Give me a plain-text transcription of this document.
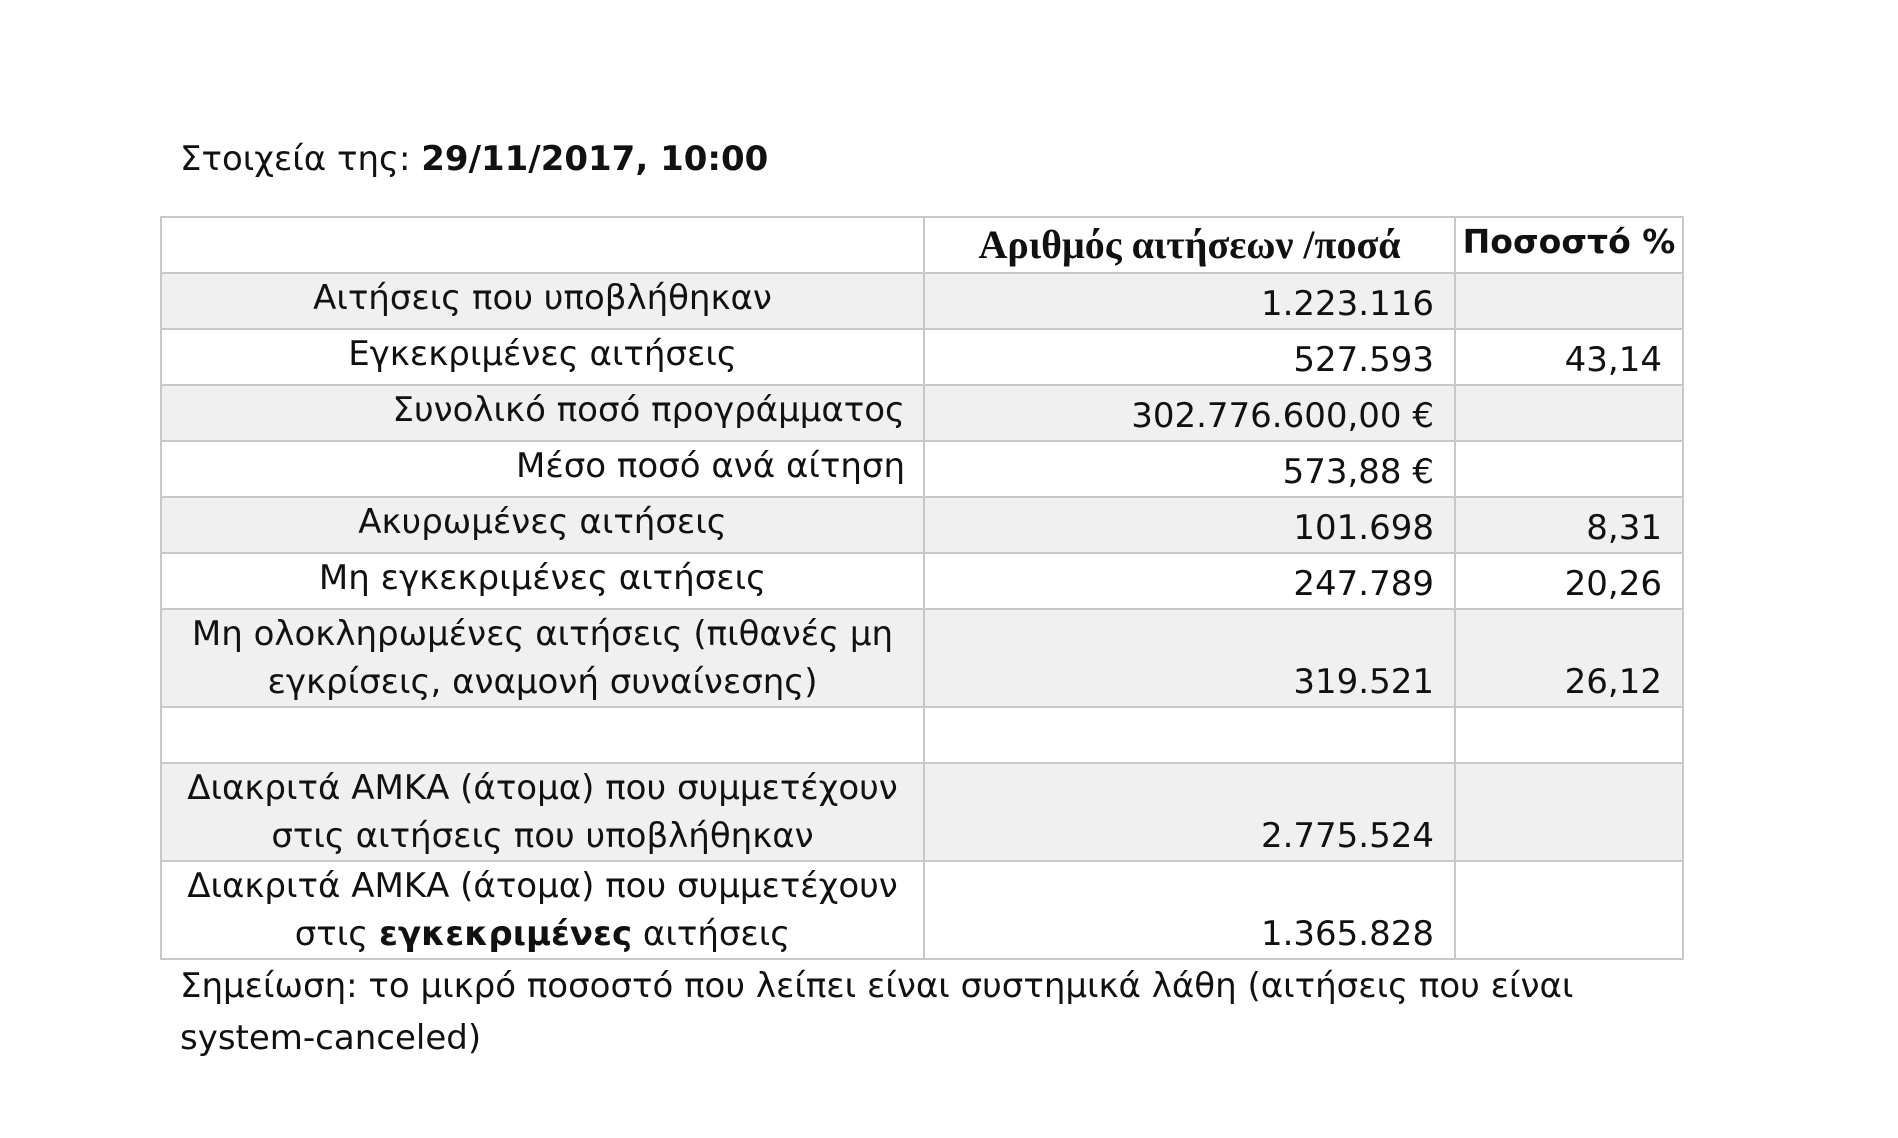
Στοιχεία της: 29/11/2017, 10:00
	Αριθμός αιτήσεων /ποσά	Ποσοστό %
Αιτήσεις που υποβλήθηκαν	1.223.116	
Εγκεκριμένες αιτήσεις	527.593	43,14
Συνολικό ποσό προγράμματος	302.776.600,00 €	
Μέσο ποσό ανά αίτηση	573,88 €	
Ακυρωμένες αιτήσεις	101.698	8,31
Μη εγκεκριμένες αιτήσεις	247.789	20,26
Μη ολοκληρωμένες αιτήσεις (πιθανές μη εγκρίσεις, αναμονή συναίνεσης)	319.521	26,12

Διακριτά ΑΜΚΑ (άτομα) που συμμετέχουν στις αιτήσεις που υποβλήθηκαν	2.775.524	
Διακριτά ΑΜΚΑ (άτομα) που συμμετέχουν στις εγκεκριμένες αιτήσεις	1.365.828	
Σημείωση: το μικρό ποσοστό που λείπει είναι συστημικά λάθη (αιτήσεις που είναι system-canceled)
